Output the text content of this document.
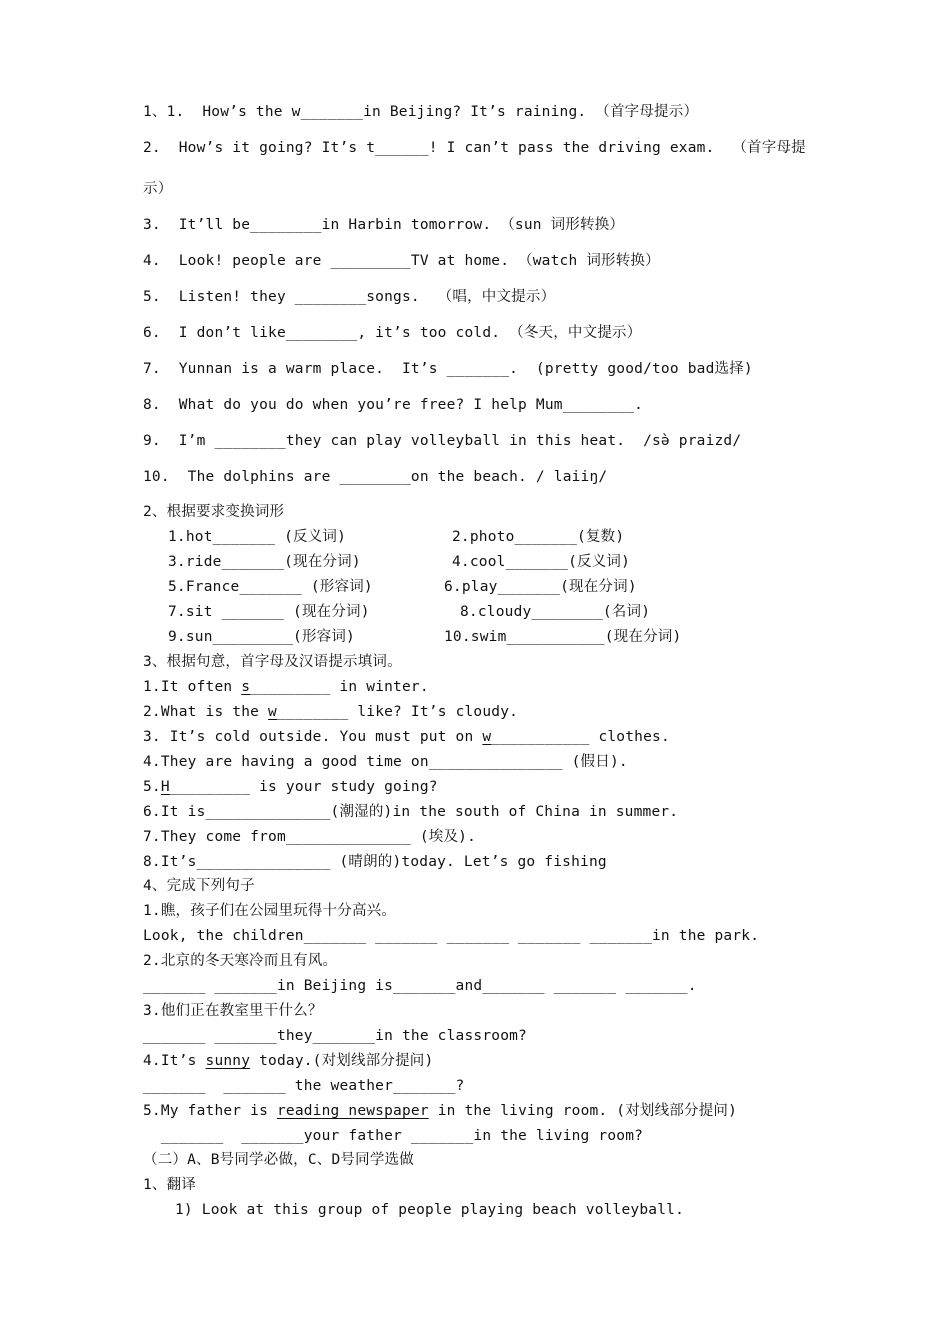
1、1.  How’s the w_______in Beijing? It’s raining. （首字母提示）
2.  How’s it going? It’s t______! I can’t pass the driving exam.  （首字母提
示）
3.  It’ll be________in Harbin tomorrow. （sun 词形转换）
4.  Look! people are _________TV at home. （watch 词形转换）
5.  Listen! they ________songs.  （唱，中文提示）
6.  I don’t like________, it’s too cold. （冬天，中文提示）
7.  Yunnan is a warm place.  It’s _______.  (pretty good/too bad选择)
8.  What do you do when you’re free? I help Mum________.
9.  I’m ________they can play volleyball in this heat.  /sə̀ praizd/
10.  The dolphins are ________on the beach. / laiiŋ/
2、根据要求变换词形
1.hot_______ (反义词)	2.photo_______(复数)
3.ride_______(现在分词)	4.cool_______(反义词)
5.France_______ (形容词)	6.play_______(现在分词)
7.sit _______ (现在分词)	8.cloudy________(名词)
9.sun_________(形容词)	10.swim___________(现在分词)
3、根据句意，首字母及汉语提示填词。
1.It often s_________ in winter.
2.What is the w________ like? It’s cloudy.
3. It’s cold outside. You must put on w___________ clothes.
4.They are having a good time on_______________ (假日).
5.H_________ is your study going?
6.It is______________(潮湿的)in the south of China in summer.
7.They come from______________ (埃及).
8.It’s_______________ (晴朗的)today. Let’s go fishing
4、完成下列句子
1.瞧，孩子们在公园里玩得十分高兴。
Look, the children_______ _______ _______ _______ _______in the park.
2.北京的冬天寒冷而且有风。
_______ _______in Beijing is_______and_______ _______ _______.
3.他们正在教室里干什么？
_______ _______they_______in the classroom?
4.It’s sunny today.(对划线部分提问)
_______  _______ the weather_______?
5.My father is reading newspaper in the living room. (对划线部分提问)
_______  _______your father _______in the living room?
（二）A、B号同学必做，C、D号同学选做
1、翻译
1) Look at this group of people playing beach volleyball.
